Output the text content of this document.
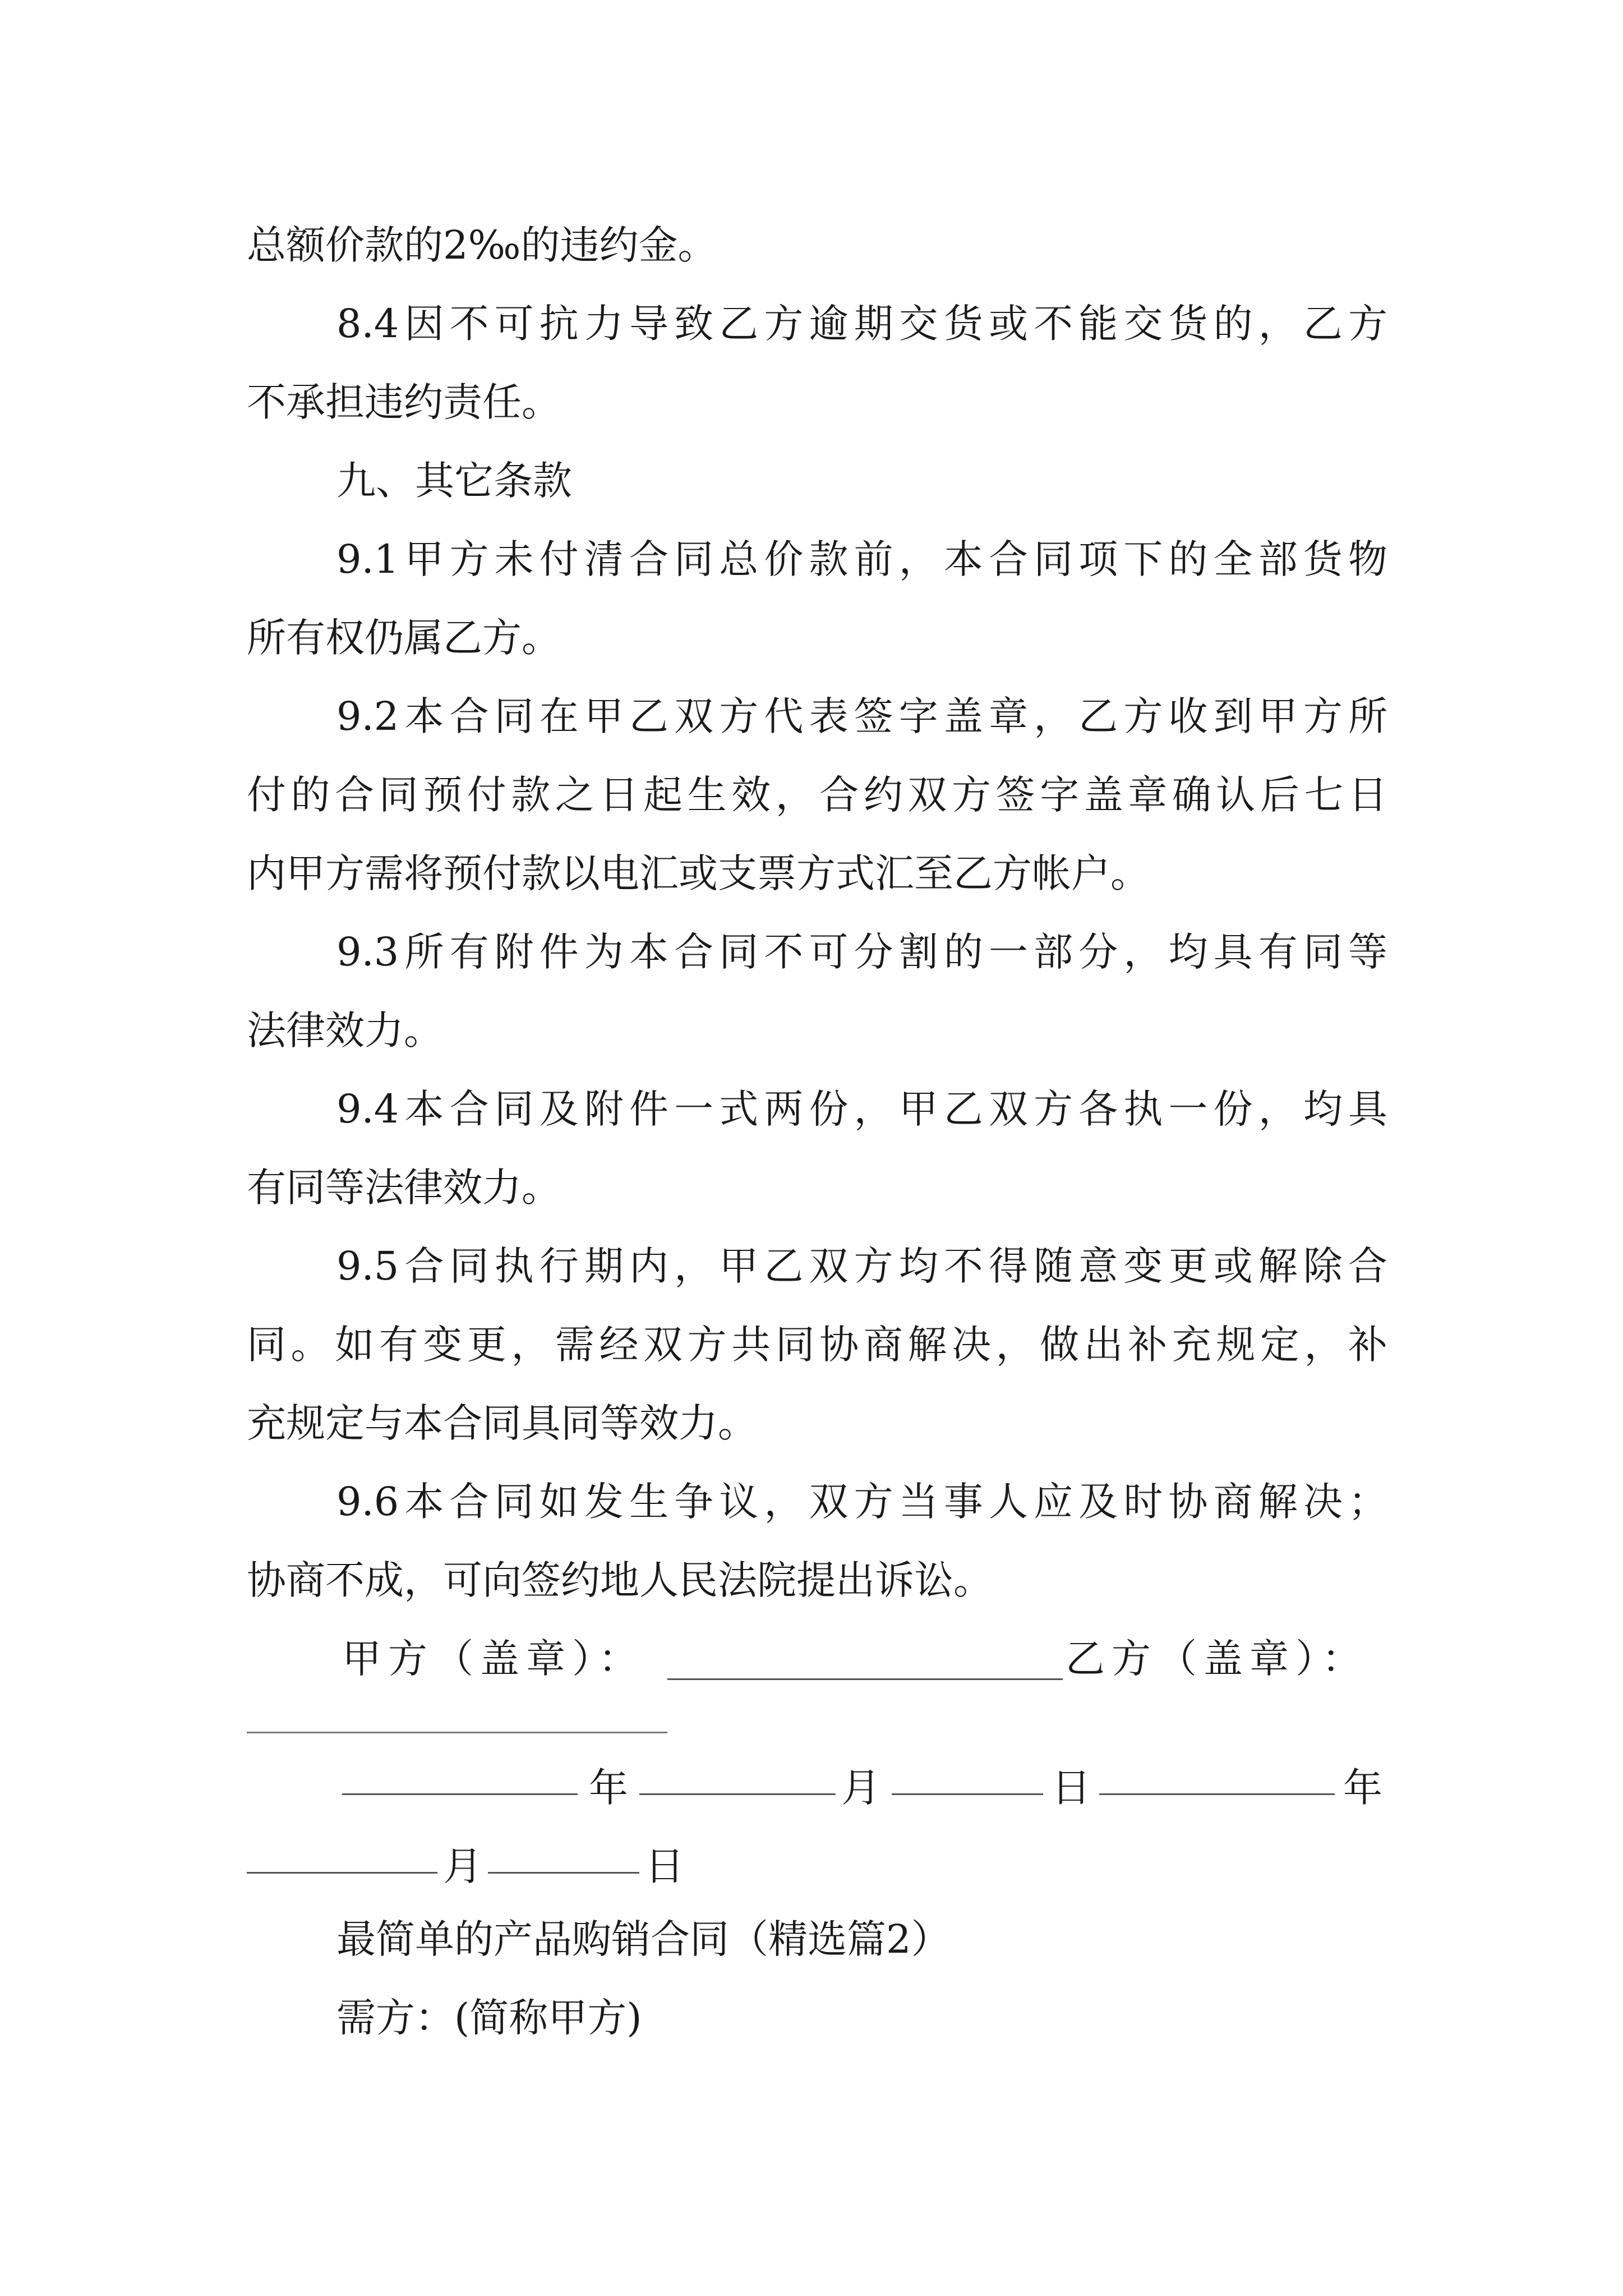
总额价款的2‰的违约金。
8.4因不可抗力导致乙方逾期交货或不能交货的，乙方
不承担违约责任。
九、其它条款
9.1甲方未付清合同总价款前，本合同项下的全部货物
所有权仍属乙方。
9.2本合同在甲乙双方代表签字盖章，乙方收到甲方所
付的合同预付款之日起生效，合约双方签字盖章确认后七日
内甲方需将预付款以电汇或支票方式汇至乙方帐户。
9.3所有附件为本合同不可分割的一部分，均具有同等
法律效力。
9.4本合同及附件一式两份，甲乙双方各执一份，均具
有同等法律效力。
9.5合同执行期内，甲乙双方均不得随意变更或解除合
同。如有变更，需经双方共同协商解决，做出补充规定，补
充规定与本合同具同等效力。
9.6本合同如发生争议，双方当事人应及时协商解决；
协商不成，可向签约地人民法院提出诉讼。
甲方（盖章）：	乙方（盖章）：
年	月	日	年
月	日
最简单的产品购销合同（精选篇2）
需方：(简称甲方)
